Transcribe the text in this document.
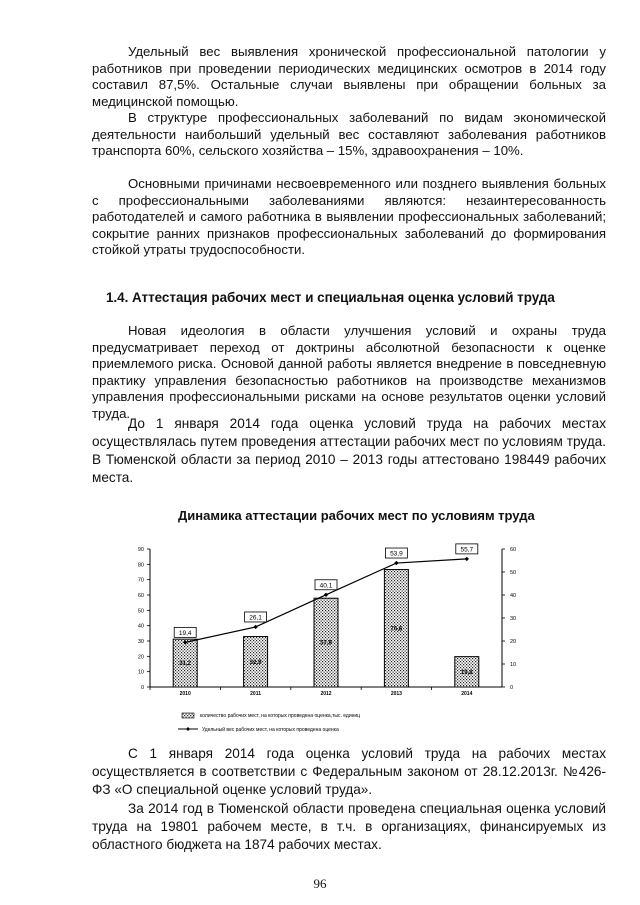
Удельный вес выявления хронической профессиональной патологии у работников при проведении периодических медицинских осмотров в 2014 году составил 87,5%. Остальные случаи выявлены при обращении больных за медицинской помощью.

В структуре профессиональных заболеваний по видам экономической деятельности наибольший удельный вес составляют заболевания работников транспорта 60%, сельского хозяйства – 15%, здравоохранения – 10%.

Основными причинами несвоевременного или позднего выявления больных с профессиональными заболеваниями являются: незаинтересованность работодателей и самого работника в выявлении профессиональных заболеваний; сокрытие ранних признаков профессиональных заболеваний до формирования стойкой утраты трудоспособности.

1.4. Аттестация рабочих мест и специальная оценка условий труда

Новая идеология в области улучшения условий и охраны труда предусматривает переход от доктрины абсолютной безопасности к оценке приемлемого риска. Основой данной работы является внедрение в повседневную практику управления безопасностью работников на производстве механизмов управления профессиональными рисками на основе результатов оценки условий труда.

До 1 января 2014 года оценка условий труда на рабочих местах осуществлялась путем проведения аттестации рабочих мест по условиям труда. В Тюменской области за период 2010 – 2013 годы аттестовано 198449 рабочих места.

Динамика аттестации рабочих мест по условиям труда

0
10
20
30
40
50
60
70
80
90
0
10
20
30
40
50
60
31,2	32,9
57,9
76,6
19,8
2010	2011	2012	2013	2014
19,4
26,1
40,1
53,9
55,7
количество рабочих мест, на которых проведена оценка,тыс. единиц
Удельный вес рабочих мест, на которых проведена оценка

С 1 января 2014 года оценка условий труда на рабочих местах осуществляется в соответствии с Федеральным законом от 28.12.2013г. №426-ФЗ «О специальной оценке условий труда».

За 2014 год в Тюменской области проведена специальная оценка условий труда на 19801 рабочем месте, в т.ч. в организациях, финансируемых из областного бюджета на 1874 рабочих местах.

96
